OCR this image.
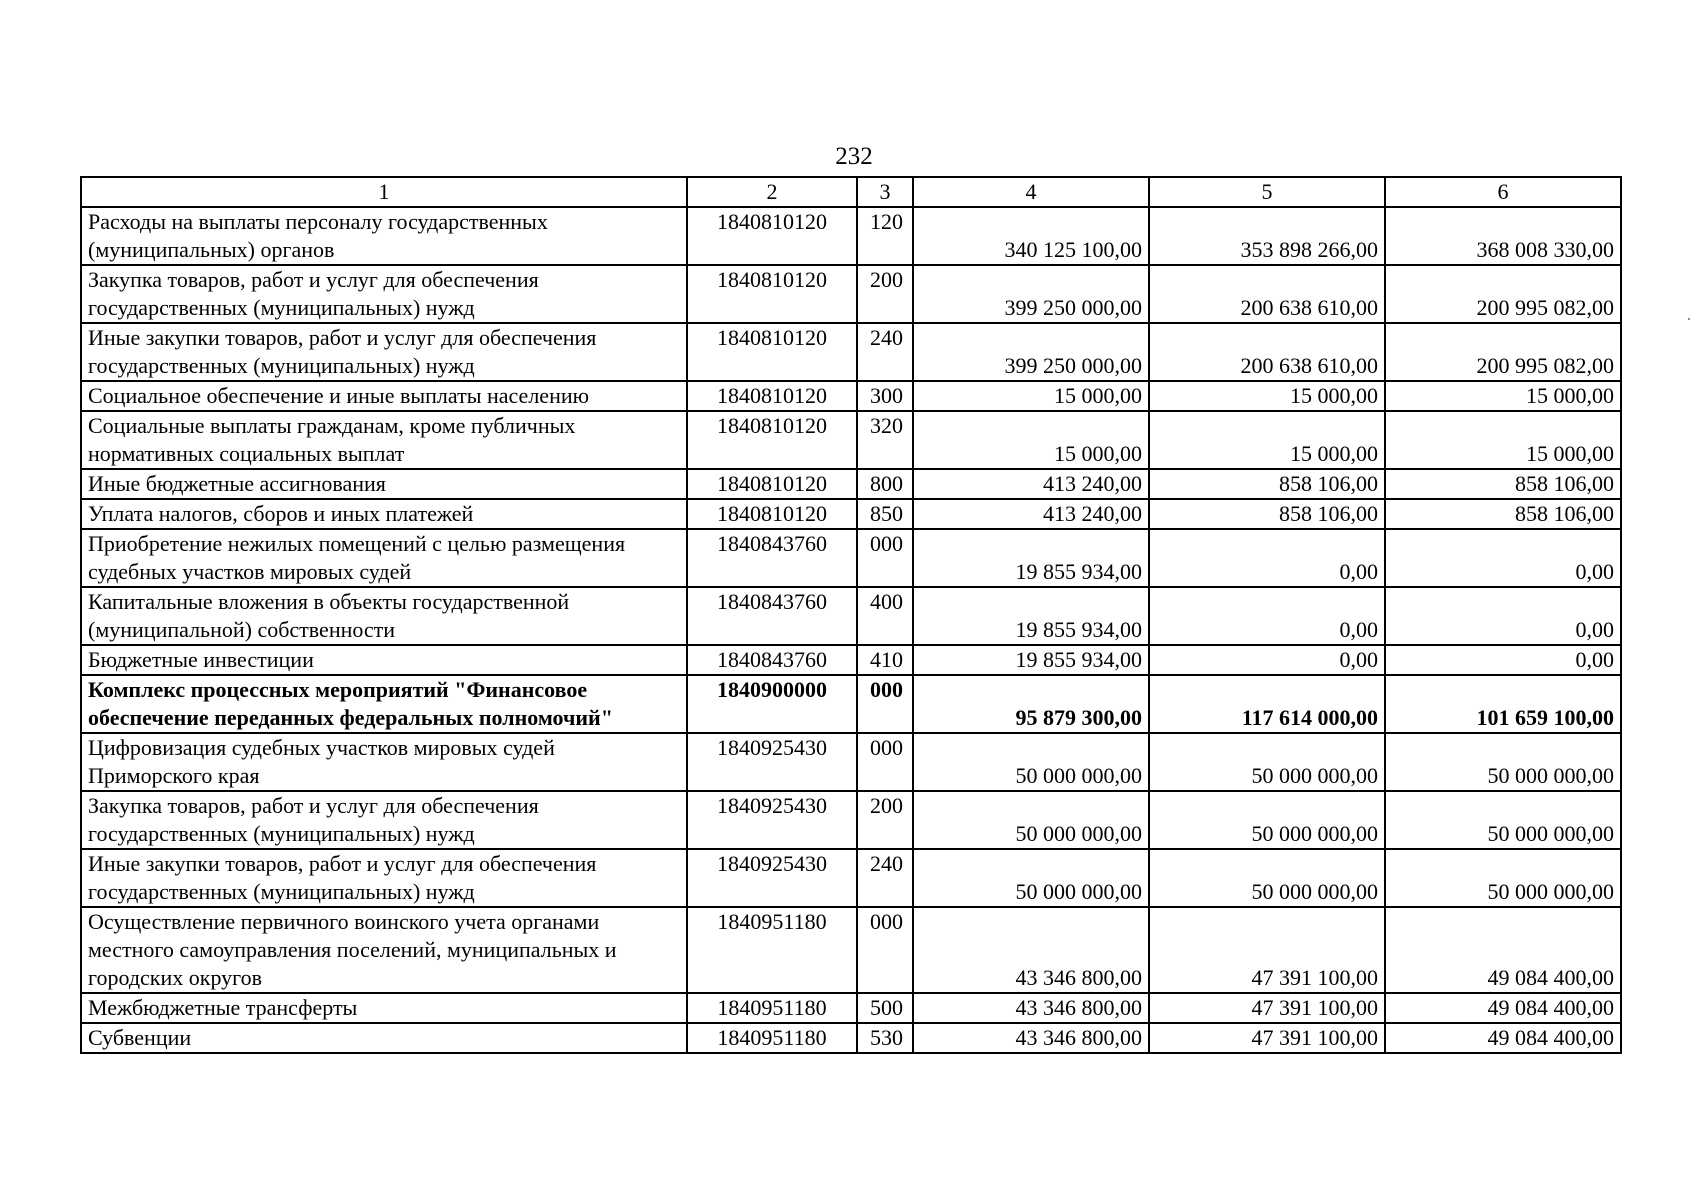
232
1	2	3	4	5	6
Расходы на выплаты персоналу государственных (муниципальных) органов	1840810120	120	340 125 100,00	353 898 266,00	368 008 330,00
Закупка товаров, работ и услуг для обеспечения государственных (муниципальных) нужд	1840810120	200	399 250 000,00	200 638 610,00	200 995 082,00
Иные закупки товаров, работ и услуг для обеспечения государственных (муниципальных) нужд	1840810120	240	399 250 000,00	200 638 610,00	200 995 082,00
Социальное обеспечение и иные выплаты населению	1840810120	300	15 000,00	15 000,00	15 000,00
Социальные выплаты гражданам, кроме публичных нормативных социальных выплат	1840810120	320	15 000,00	15 000,00	15 000,00
Иные бюджетные ассигнования	1840810120	800	413 240,00	858 106,00	858 106,00
Уплата налогов, сборов и иных платежей	1840810120	850	413 240,00	858 106,00	858 106,00
Приобретение нежилых помещений с целью размещения судебных участков мировых судей	1840843760	000	19 855 934,00	0,00	0,00
Капитальные вложения в объекты государственной (муниципальной) собственности	1840843760	400	19 855 934,00	0,00	0,00
Бюджетные инвестиции	1840843760	410	19 855 934,00	0,00	0,00
Комплекс процессных мероприятий "Финансовое обеспечение переданных федеральных полномочий"	1840900000	000	95 879 300,00	117 614 000,00	101 659 100,00
Цифровизация судебных участков мировых судей Приморского края	1840925430	000	50 000 000,00	50 000 000,00	50 000 000,00
Закупка товаров, работ и услуг для обеспечения государственных (муниципальных) нужд	1840925430	200	50 000 000,00	50 000 000,00	50 000 000,00
Иные закупки товаров, работ и услуг для обеспечения государственных (муниципальных) нужд	1840925430	240	50 000 000,00	50 000 000,00	50 000 000,00
Осуществление первичного воинского учета органами местного самоуправления поселений, муниципальных и городских округов	1840951180	000	43 346 800,00	47 391 100,00	49 084 400,00
Межбюджетные трансферты	1840951180	500	43 346 800,00	47 391 100,00	49 084 400,00
Субвенции	1840951180	530	43 346 800,00	47 391 100,00	49 084 400,00
